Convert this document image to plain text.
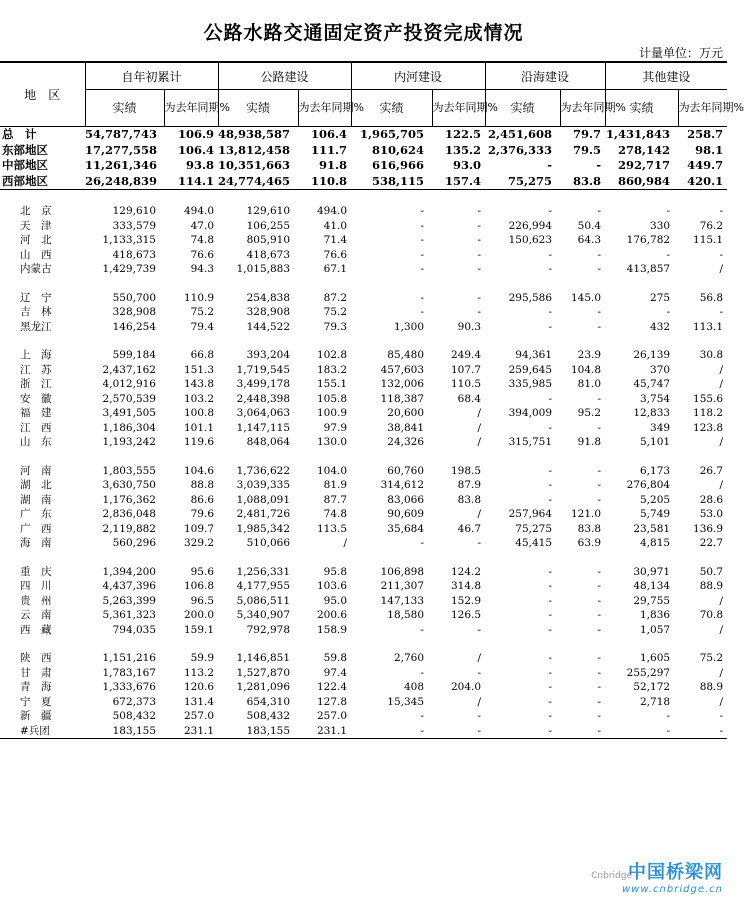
公路水路交通固定资产投资完成情况
计量单位：万元
地　区	自年初累计		公路建设		内河建设		沿海建设		其他建设	
	实绩	为去年同期%	实绩	为去年同期%	实绩	为去年同期%	实绩	为去年同期%	实绩	为去年同期%
总　计	54,787,743	106.9	48,938,587	106.4	1,965,705	122.5	2,451,608	79.7	1,431,843	258.7
东部地区	17,277,558	106.4	13,812,458	111.7	810,624	135.2	2,376,333	79.5	278,142	98.1
中部地区	11,261,346	93.8	10,351,663	91.8	616,966	93.0	-	-	292,717	449.7
西部地区	26,248,839	114.1	24,774,465	110.8	538,115	157.4	75,275	83.8	860,984	420.1

北　京	129,610	494.0	129,610	494.0	-	-	-	-	-	-
天　津	333,579	47.0	106,255	41.0	-	-	226,994	50.4	330	76.2
河　北	1,133,315	74.8	805,910	71.4	-	-	150,623	64.3	176,782	115.1
山　西	418,673	76.6	418,673	76.6	-	-	-	-	-	-
内蒙古	1,429,739	94.3	1,015,883	67.1	-	-	-	-	413,857	/

辽　宁	550,700	110.9	254,838	87.2	-	-	295,586	145.0	275	56.8
吉　林	328,908	75.2	328,908	75.2	-	-	-	-	-	-
黑龙江	146,254	79.4	144,522	79.3	1,300	90.3	-	-	432	113.1

上　海	599,184	66.8	393,204	102.8	85,480	249.4	94,361	23.9	26,139	30.8
江　苏	2,437,162	151.3	1,719,545	183.2	457,603	107.7	259,645	104.8	370	/
浙　江	4,012,916	143.8	3,499,178	155.1	132,006	110.5	335,985	81.0	45,747	/
安　徽	2,570,539	103.2	2,448,398	105.8	118,387	68.4	-	-	3,754	155.6
福　建	3,491,505	100.8	3,064,063	100.9	20,600	/	394,009	95.2	12,833	118.2
江　西	1,186,304	101.1	1,147,115	97.9	38,841	/	-	-	349	123.8
山　东	1,193,242	119.6	848,064	130.0	24,326	/	315,751	91.8	5,101	/

河　南	1,803,555	104.6	1,736,622	104.0	60,760	198.5	-	-	6,173	26.7
湖　北	3,630,750	88.8	3,039,335	81.9	314,612	87.9	-	-	276,804	/
湖　南	1,176,362	86.6	1,088,091	87.7	83,066	83.8	-	-	5,205	28.6
广　东	2,836,048	79.6	2,481,726	74.8	90,609	/	257,964	121.0	5,749	53.0
广　西	2,119,882	109.7	1,985,342	113.5	35,684	46.7	75,275	83.8	23,581	136.9
海　南	560,296	329.2	510,066	/	-	-	45,415	63.9	4,815	22.7

重　庆	1,394,200	95.6	1,256,331	95.8	106,898	124.2	-	-	30,971	50.7
四　川	4,437,396	106.8	4,177,955	103.6	211,307	314.8	-	-	48,134	88.9
贵　州	5,263,399	96.5	5,086,511	95.0	147,133	152.9	-	-	29,755	/
云　南	5,361,323	200.0	5,340,907	200.6	18,580	126.5	-	-	1,836	70.8
西　藏	794,035	159.1	792,978	158.9	-	-	-	-	1,057	/

陕　西	1,151,216	59.9	1,146,851	59.8	2,760	/	-	-	1,605	75.2
甘　肃	1,783,167	113.2	1,527,870	97.4	-	-	-	-	255,297	/
青　海	1,333,676	120.6	1,281,096	122.4	408	204.0	-	-	52,172	88.9
宁　夏	672,373	131.4	654,310	127.8	15,345	/	-	-	2,718	/
新　疆	508,432	257.0	508,432	257.0	-	-	-	-	-	-
#兵团	183,155	231.1	183,155	231.1	-	-	-	-	-	-
Cnbridge
中国桥梁网
www.cnbridge.cn
